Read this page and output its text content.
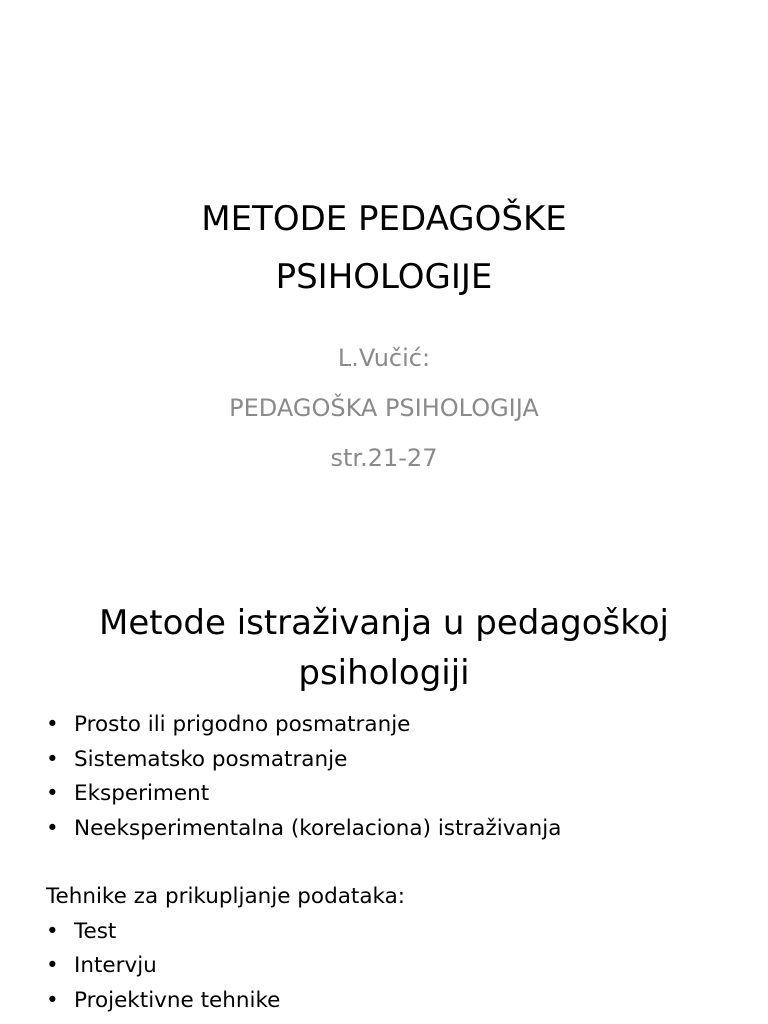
METODE PEDAGOŠKE
PSIHOLOGIJE
L.Vučić:
PEDAGOŠKA PSIHOLOGIJA
str.21-27
Metode istraživanja u pedagoškoj
psihologiji
• Prosto ili prigodno posmatranje
• Sistematsko posmatranje
• Eksperiment
• Neeksperimentalna (korelaciona) istraživanja
Tehnike za prikupljanje podataka:
• Test
• Intervju
• Projektivne tehnike
